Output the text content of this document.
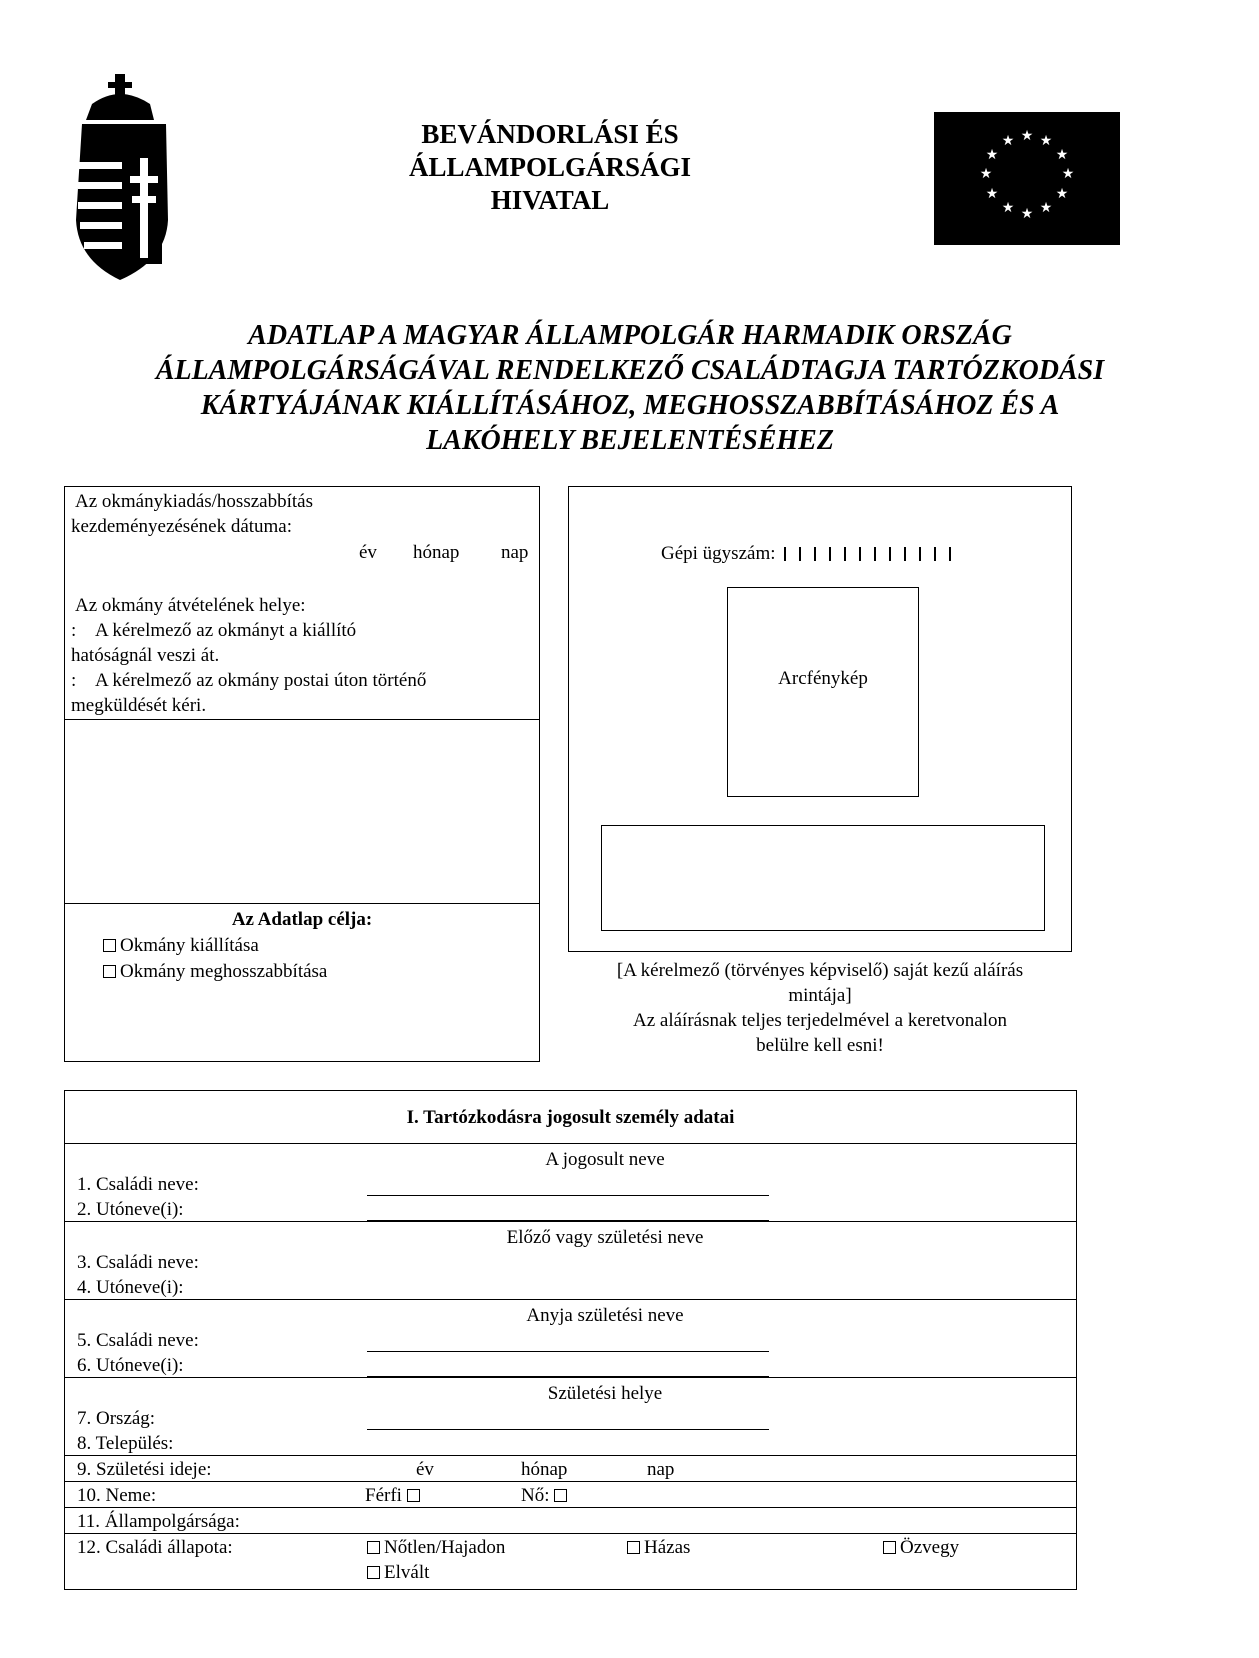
BEVÁNDORLÁSI ÉS
ÁLLAMPOLGÁRSÁGI
HIVATAL
★ ★
★
★
★
★
★
★
★
★
★
★
ADATLAP A MAGYAR ÁLLAMPOLGÁR HARMADIK ORSZÁG
ÁLLAMPOLGÁRSÁGÁVAL RENDELKEZŐ CSALÁDTAGJA TARTÓZKODÁSI
KÁRTYÁJÁNAK KIÁLLÍTÁSÁHOZ, MEGHOSSZABBÍTÁSÁHOZ ÉS A
LAKÓHELY BEJELENTÉSÉHEZ
Az okmánykiadás/hosszabbítás
kezdeményezésének dátuma:
év hónap nap
Az okmány átvételének helye:
: A kérelmező az okmányt a kiállító
hatóságnál veszi át.
: A kérelmező az okmány postai úton történő
megküldését kéri.
Az Adatlap célja:
Okmány kiállítása
Okmány meghosszabbítása
Gépi ügyszám:
Arcfénykép
[A kérelmező (törvényes képviselő) saját kezű aláírás
mintája]
Az aláírásnak teljes terjedelmével a keretvonalon
belülre kell esni!
I. Tartózkodásra jogosult személy adatai
A jogosult neve
1. Családi neve:
2. Utóneve(i):
Előző vagy születési neve
3. Családi neve:
4. Utóneve(i):
Anyja születési neve
5. Családi neve:
6. Utóneve(i):
Születési helye
7. Ország:
8. Település:
9. Születési ideje:	év	hónap	nap
10. Neme:	Férfi	Nő:
11. Állampolgársága:
12. Családi állapota:	Nőtlen/Hajadon	Házas	Özvegy
Elvált
